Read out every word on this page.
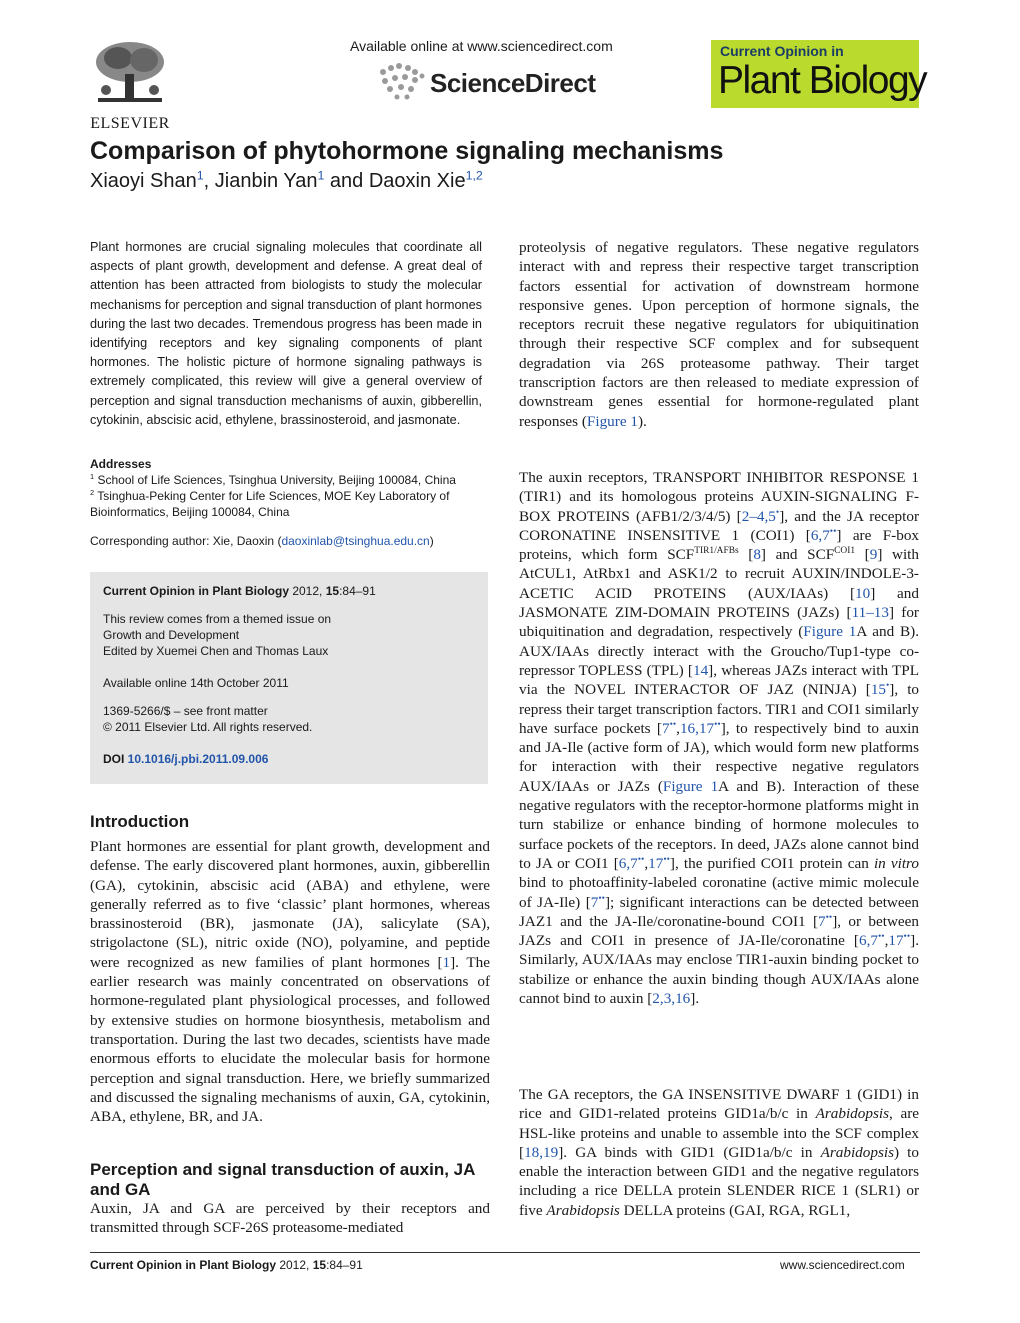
ELSEVIER
Available online at www.sciencedirect.com
ScienceDirect
Current Opinion in
Plant Biology
Comparison of phytohormone signaling mechanisms
Xiaoyi Shan$^1$, Jianbin Yan$^1$ and Daoxin Xie$^{1,2}$
Plant hormones are crucial signaling molecules that coordinate all aspects of plant growth, development and defense. A great deal of attention has been attracted from biologists to study the molecular mechanisms for perception and signal transduction of plant hormones during the last two decades. Tremendous progress has been made in identifying receptors and key signaling components of plant hormones. The holistic picture of hormone signaling pathways is extremely complicated, this review will give a general overview of perception and signal transduction mechanisms of auxin, gibberellin, cytokinin, abscisic acid, ethylene, brassinosteroid, and jasmonate.
Addresses
$^1$ School of Life Sciences, Tsinghua University, Beijing 100084, China
$^2$ Tsinghua-Peking Center for Life Sciences, MOE Key Laboratory of Bioinformatics, Beijing 100084, China
Corresponding author: Xie, Daoxin (daoxinlab@tsinghua.edu.cn)
Current Opinion in Plant Biology 2012, 15:84–91
This review comes from a themed issue on
Growth and Development
Edited by Xuemei Chen and Thomas Laux
Available online 14th October 2011
1369-5266/$ – see front matter
© 2011 Elsevier Ltd. All rights reserved.
DOI 10.1016/j.pbi.2011.09.006
Introduction
Plant hormones are essential for plant growth, development and defense. The early discovered plant hormones, auxin, gibberellin (GA), cytokinin, abscisic acid (ABA) and ethylene, were generally referred as to five ‘classic’ plant hormones, whereas brassinosteroid (BR), jasmonate (JA), salicylate (SA), strigolactone (SL), nitric oxide (NO), polyamine, and peptide were recognized as new families of plant hormones [1]. The earlier research was mainly concentrated on observations of hormone-regulated plant physiological processes, and followed by extensive studies on hormone biosynthesis, metabolism and transportation. During the last two decades, scientists have made enormous efforts to elucidate the molecular basis for hormone perception and signal transduction. Here, we briefly summarized and discussed the signaling mechanisms of auxin, GA, cytokinin, ABA, ethylene, BR, and JA.
Perception and signal transduction of auxin, JA and GA
Auxin, JA and GA are perceived by their receptors and transmitted through SCF-26S proteasome-mediated
proteolysis of negative regulators. These negative regulators interact with and repress their respective target transcription factors essential for activation of downstream hormone responsive genes. Upon perception of hormone signals, the receptors recruit these negative regulators for ubiquitination through their respective SCF complex and for subsequent degradation via 26S proteasome pathway. Their target transcription factors are then released to mediate expression of downstream genes essential for hormone-regulated plant responses (Figure 1).
The auxin receptors, TRANSPORT INHIBITOR RESPONSE 1 (TIR1) and its homologous proteins AUXIN-SIGNALING F-BOX PROTEINS (AFB1/2/3/4/5) [2–4,5•], and the JA receptor CORONATINE INSENSITIVE 1 (COI1) [6,7••] are F-box proteins, which form $SCF^{TIR1/AFBs}$ [8] and $SCF^{COI1}$ [9] with AtCUL1, AtRbx1 and ASK1/2 to recruit AUXIN/INDOLE-3-ACETIC ACID PROTEINS (AUX/IAAs) [10] and JASMONATE ZIM-DOMAIN PROTEINS (JAZs) [11–13] for ubiquitination and degradation, respectively (Figure 1A and B). AUX/IAAs directly interact with the Groucho/Tup1-type co-repressor TOPLESS (TPL) [14], whereas JAZs interact with TPL via the NOVEL INTERACTOR OF JAZ (NINJA) [15•], to repress their target transcription factors. TIR1 and COI1 similarly have surface pockets [7••,16,17••], to respectively bind to auxin and JA-Ile (active form of JA), which would form new platforms for interaction with their respective negative regulators AUX/IAAs or JAZs (Figure 1A and B). Interaction of these negative regulators with the receptor-hormone platforms might in turn stabilize or enhance binding of hormone molecules to surface pockets of the receptors. In deed, JAZs alone cannot bind to JA or COI1 [6,7••,17••], the purified COI1 protein can in vitro bind to photoaffinity-labeled coronatine (active mimic molecule of JA-Ile) [7••]; significant interactions can be detected between JAZ1 and the JA-Ile/coronatine-bound COI1 [7••], or between JAZs and COI1 in presence of JA-Ile/coronatine [6,7••,17••]. Similarly, AUX/IAAs may enclose TIR1-auxin binding pocket to stabilize or enhance the auxin binding though AUX/IAAs alone cannot bind to auxin [2,3,16].
The GA receptors, the GA INSENSITIVE DWARF 1 (GID1) in rice and GID1-related proteins GID1a/b/c in Arabidopsis, are HSL-like proteins and unable to assemble into the SCF complex [18,19]. GA binds with GID1 (GID1a/b/c in Arabidopsis) to enable the interaction between GID1 and the negative regulators including a rice DELLA protein SLENDER RICE 1 (SLR1) or five Arabidopsis DELLA proteins (GAI, RGA, RGL1,
Current Opinion in Plant Biology 2012, 15:84–91	www.sciencedirect.com
